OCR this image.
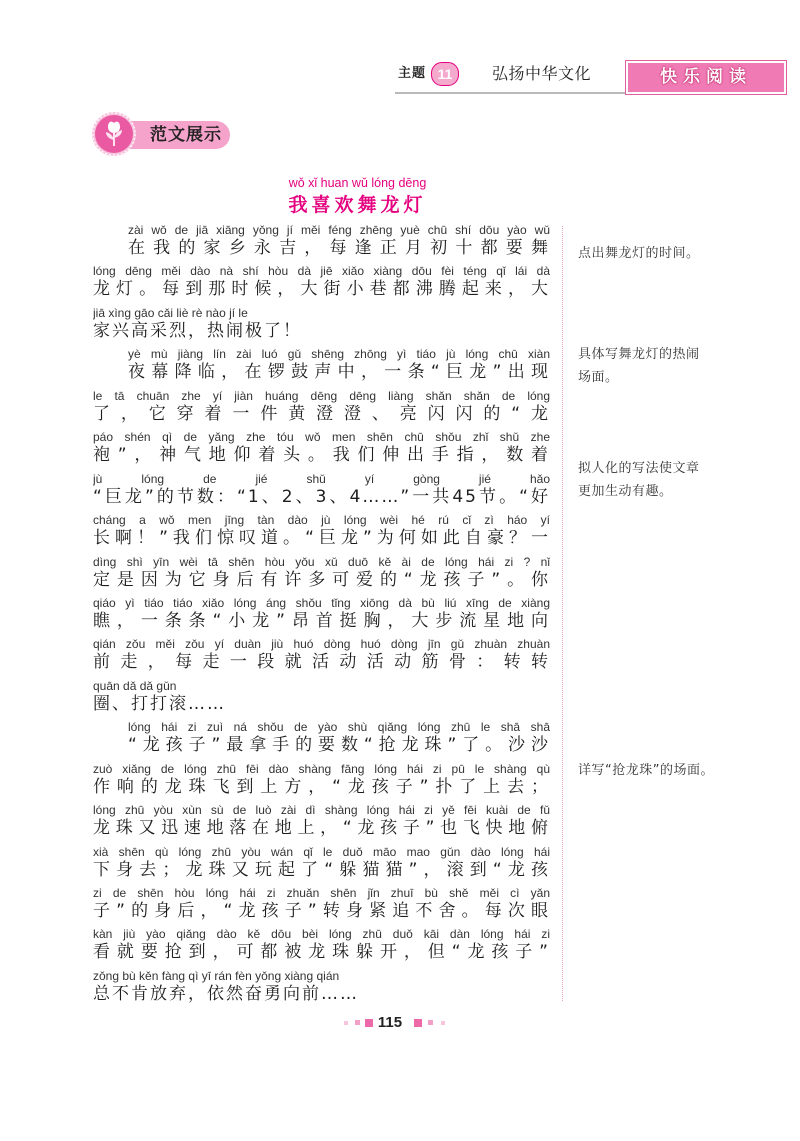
主题 11	弘扬中华文化	快乐阅读
范文展示
wǒ xǐ huan wǔ lóng dēng
我喜欢舞龙灯
zài wǒ de jiā xiāng yǒng jí měi féng zhēng yuè chū shí dōu yào wǔ
在我的家乡永吉，每逢正月初十都要舞
lóng dēng měi dào nà shí hòu dà jiē xiǎo xiàng dōu fèi téng qǐ lái dà
龙灯。每到那时候，大街小巷都沸腾起来，大
jiā xìng gāo cǎi liè rè nào jí le
家兴高采烈，热闹极了！
yè mù jiàng lín zài luó gǔ shēng zhōng yì tiáo jù lóng chū xiàn
夜幕降临，在锣鼓声中，一条“巨龙”出现
le tā chuān zhe yí jiàn huáng dēng dēng liàng shǎn shǎn de lóng
了，它穿着一件黄澄澄、亮闪闪的“龙
páo shén qì de yǎng zhe tóu wǒ men shēn chū shǒu zhǐ shǔ zhe
袍”，神气地仰着头。我们伸出手指，数着
jù lóng de jié shǔ yí gòng jié hǎo
“巨龙”的节数：“1、2、3、4……”一共45节。“好
cháng a wǒ men jīng tàn dào jù lóng wèi hé rú cǐ zì háo yí
长啊！”我们惊叹道。“巨龙”为何如此自豪？一
dìng shì yīn wèi tā shēn hòu yǒu xǔ duō kě ài de lóng hái zi ? nǐ
定是因为它身后有许多可爱的“龙孩子”。你
qiáo yì tiáo tiáo xiǎo lóng áng shǒu tǐng xiōng dà bù liú xīng de xiàng
瞧，一条条“小龙”昂首挺胸，大步流星地向
qián zǒu měi zǒu yí duàn jiù huó dòng huó dòng jīn gǔ zhuàn zhuàn
前走，每走一段就活动活动筋骨：转转
quān dǎ dǎ gǔn
圈、打打滚……
lóng hái zi zuì ná shǒu de yào shù qiǎng lóng zhū le shā shā
“龙孩子”最拿手的要数“抢龙珠”了。沙沙
zuò xiǎng de lóng zhū fēi dào shàng fāng lóng hái zi pū le shàng qù
作响的龙珠飞到上方，“龙孩子”扑了上去；
lóng zhū yòu xùn sù de luò zài dì shàng lóng hái zi yě fēi kuài de fǔ
龙珠又迅速地落在地上，“龙孩子”也飞快地俯
xià shēn qù lóng zhū yòu wán qǐ le duǒ māo mao gǔn dào lóng hái
下身去；龙珠又玩起了“躲猫猫”，滚到“龙孩
zi de shēn hòu lóng hái zi zhuǎn shēn jǐn zhuī bù shě měi cì yǎn
子”的身后，“龙孩子”转身紧追不舍。每次眼
kàn jiù yào qiǎng dào kě dōu bèi lóng zhū duǒ kāi dàn lóng hái zi
看就要抢到，可都被龙珠躲开，但“龙孩子”
zǒng bù kěn fàng qì yī rán fèn yǒng xiàng qián
总不肯放弃，依然奋勇向前……
点出舞龙灯的时间。
具体写舞龙灯的热闹场面。
拟人化的写法使文章更加生动有趣。
详写“抢龙珠”的场面。
115
